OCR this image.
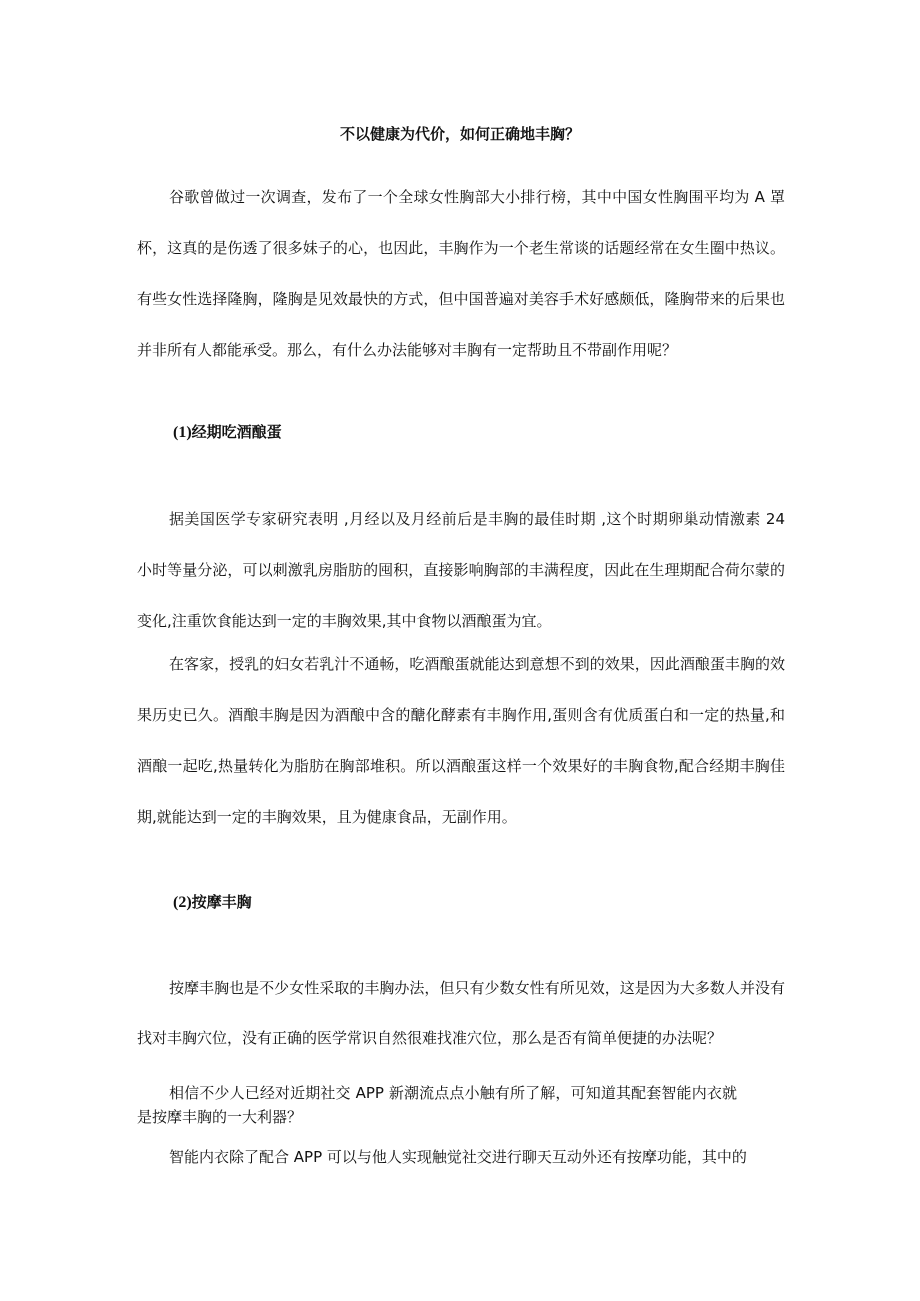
不以健康为代价，如何正确地丰胸？

谷歌曾做过一次调查，发布了一个全球女性胸部大小排行榜，其中中国女性胸围平均为 A 罩杯，这真的是伤透了很多妹子的心，也因此，丰胸作为一个老生常谈的话题经常在女生圈中热议。有些女性选择隆胸，隆胸是见效最快的方式，但中国普遍对美容手术好感颇低，隆胸带来的后果也并非所有人都能承受。那么，有什么办法能够对丰胸有一定帮助且不带副作用呢？

(1)经期吃酒酿蛋

据美国医学专家研究表明 ,月经以及月经前后是丰胸的最佳时期 ,这个时期卵巢动情激素 24 小时等量分泌，可以刺激乳房脂肪的囤积，直接影响胸部的丰满程度，因此在生理期配合荷尔蒙的变化,注重饮食能达到一定的丰胸效果,其中食物以酒酿蛋为宜。

在客家，授乳的妇女若乳汁不通畅，吃酒酿蛋就能达到意想不到的效果，因此酒酿蛋丰胸的效果历史已久。酒酿丰胸是因为酒酿中含的醣化酵素有丰胸作用,蛋则含有优质蛋白和一定的热量,和酒酿一起吃,热量转化为脂肪在胸部堆积。所以酒酿蛋这样一个效果好的丰胸食物,配合经期丰胸佳期,就能达到一定的丰胸效果，且为健康食品，无副作用。

(2)按摩丰胸

按摩丰胸也是不少女性采取的丰胸办法，但只有少数女性有所见效，这是因为大多数人并没有找对丰胸穴位，没有正确的医学常识自然很难找准穴位，那么是否有简单便捷的办法呢？

相信不少人已经对近期社交 APP 新潮流点点小触有所了解，可知道其配套智能内衣就是按摩丰胸的一大利器？

智能内衣除了配合 APP 可以与他人实现触觉社交进行聊天互动外还有按摩功能，其中的
